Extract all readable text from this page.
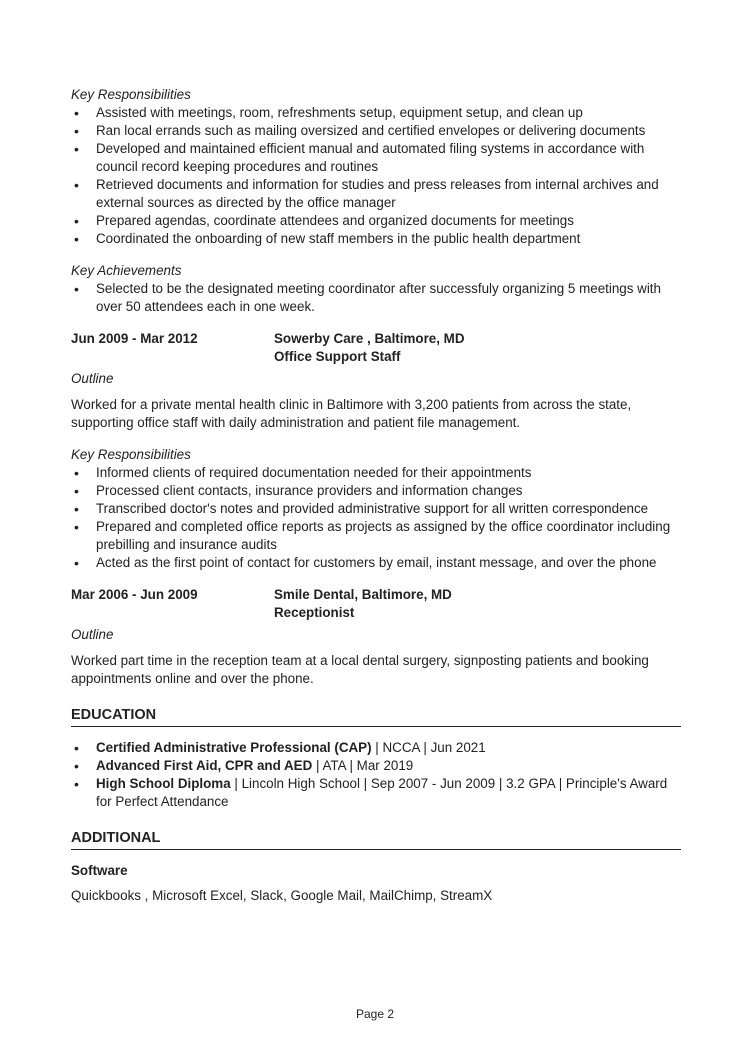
Key Responsibilities

• Assisted with meetings, room, refreshments setup, equipment setup, and clean up
• Ran local errands such as mailing oversized and certified envelopes or delivering documents
• Developed and maintained efficient manual and automated filing systems in accordance with council record keeping procedures and routines
• Retrieved documents and information for studies and press releases from internal archives and external sources as directed by the office manager
• Prepared agendas, coordinate attendees and organized documents for meetings
• Coordinated the onboarding of new staff members in the public health department

Key Achievements

• Selected to be the designated meeting coordinator after successfuly organizing 5 meetings with over 50 attendees each in one week.
Jun 2009 - Mar 2012	Sowerby Care , Baltimore, MD
Office Support Staff

Outline

Worked for a private mental health clinic in Baltimore with 3,200 patients from across the state, supporting office staff with daily administration and patient file management.

Key Responsibilities

• Informed clients of required documentation needed for their appointments
• Processed client contacts, insurance providers and information changes
• Transcribed doctor's notes and provided administrative support for all written correspondence
• Prepared and completed office reports as projects as assigned by the office coordinator including prebilling and insurance audits
• Acted as the first point of contact for customers by email, instant message, and over the phone
Mar 2006 - Jun 2009	Smile Dental, Baltimore, MD
Receptionist

Outline

Worked part time in the reception team at a local dental surgery, signposting patients and booking appointments online and over the phone.

EDUCATION

• Certified Administrative Professional (CAP) | NCCA | Jun 2021
• Advanced First Aid, CPR and AED | ATA | Mar 2019
• High School Diploma | Lincoln High School | Sep 2007 - Jun 2009 | 3.2 GPA | Principle's Award for Perfect Attendance

ADDITIONAL

Software

Quickbooks , Microsoft Excel, Slack, Google Mail, MailChimp, StreamX

Page 2
